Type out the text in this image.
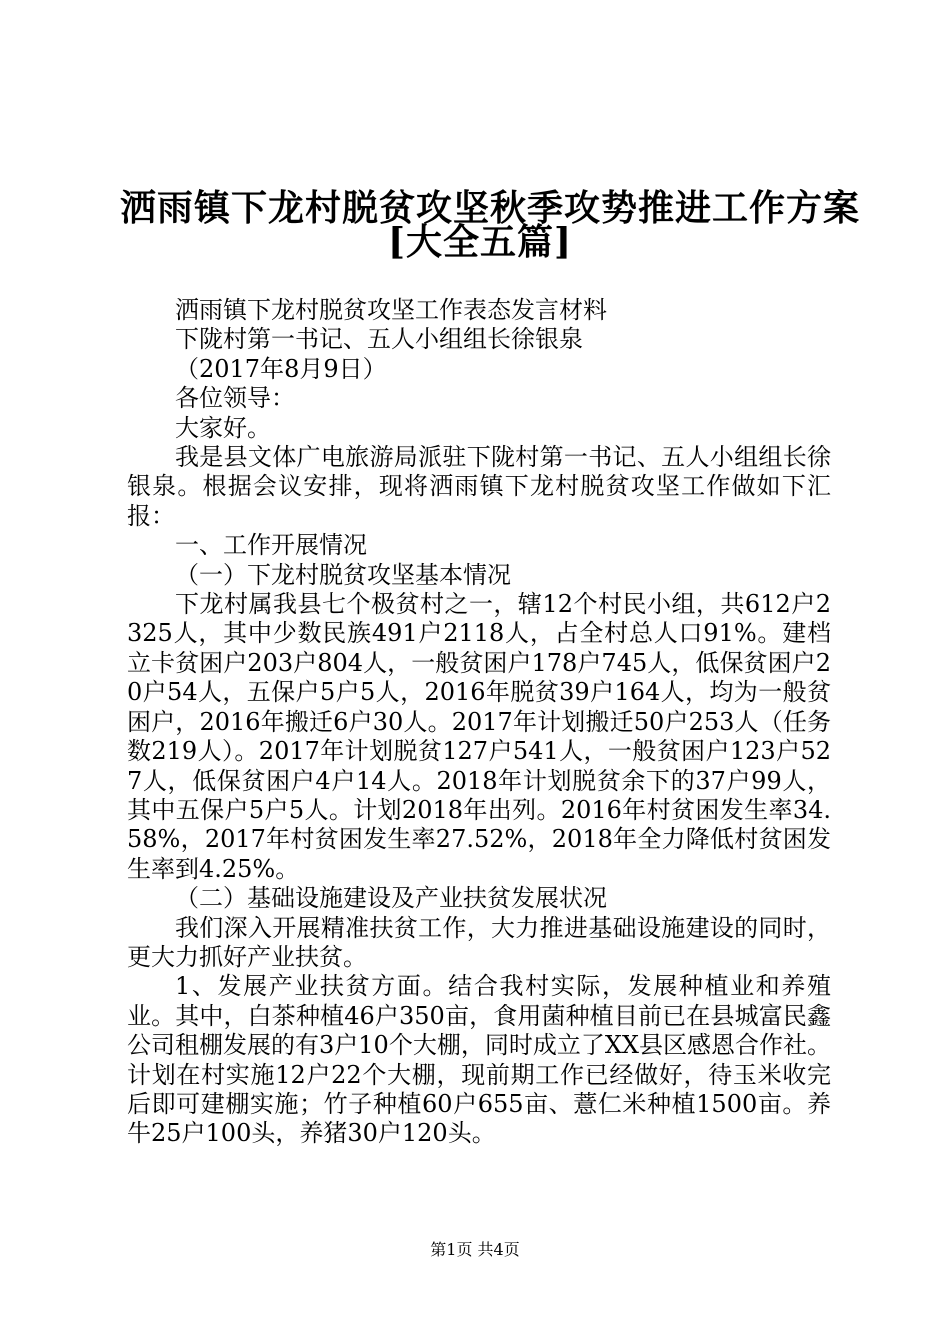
洒雨镇下龙村脱贫攻坚秋季攻势推进工作方案
[大全五篇]

洒雨镇下龙村脱贫攻坚工作表态发言材料

下陇村第一书记、五人小组组长徐银泉

（2017年8月9日）

各位领导：

大家好。

我是县文体广电旅游局派驻下陇村第一书记、五人小组组长徐银泉。根据会议安排，现将洒雨镇下龙村脱贫攻坚工作做如下汇报：

一、工作开展情况

（一）下龙村脱贫攻坚基本情况

下龙村属我县七个极贫村之一，辖12个村民小组，共612户2325人，其中少数民族491户2118人，占全村总人口91%。建档立卡贫困户203户804人，一般贫困户178户745人，低保贫困户20户54人，五保户5户5人，2016年脱贫39户164人，均为一般贫困户，2016年搬迁6户30人。2017年计划搬迁50户253人（任务数219人）。2017年计划脱贫127户541人，一般贫困户123户527人，低保贫困户4户14人。2018年计划脱贫余下的37户99人，其中五保户5户5人。计划2018年出列。2016年村贫困发生率34.58%，2017年村贫困发生率27.52%，2018年全力降低村贫困发生率到4.25%。

（二）基础设施建设及产业扶贫发展状况

我们深入开展精准扶贫工作，大力推进基础设施建设的同时，更大力抓好产业扶贫。

1、发展产业扶贫方面。结合我村实际，发展种植业和养殖业。其中，白茶种植46户350亩，食用菌种植目前已在县城富民鑫公司租棚发展的有3户10个大棚，同时成立了XX县区感恩合作社。计划在村实施12户22个大棚，现前期工作已经做好，待玉米收完后即可建棚实施；竹子种植60户655亩、薏仁米种植1500亩。养牛25户100头，养猪30户120头。

第1页 共4页
